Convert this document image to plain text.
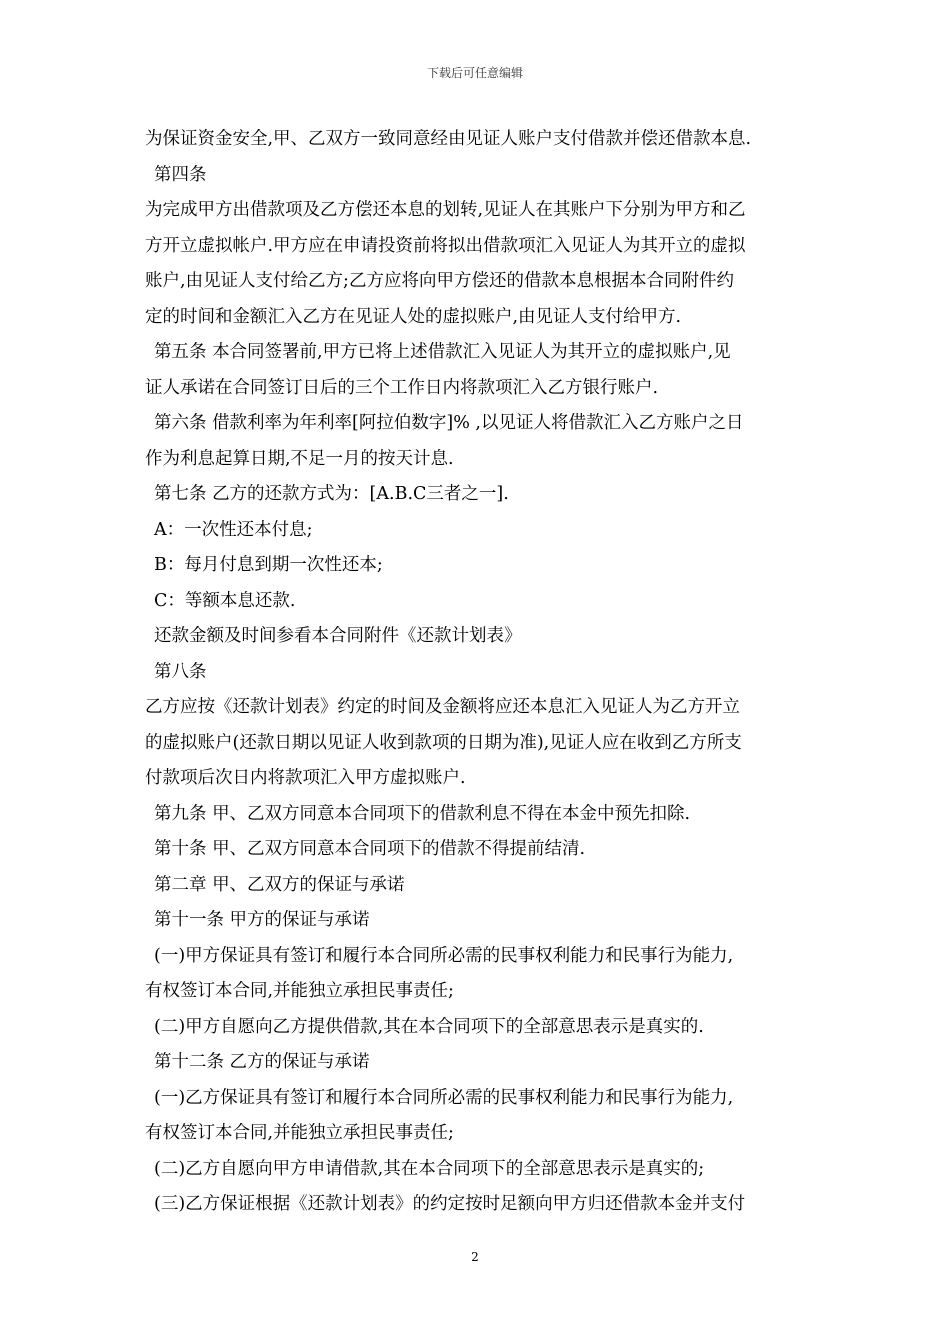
下载后可任意编辑
为保证资金安全,甲、乙双方一致同意经由见证人账户支付借款并偿还借款本息.
第四条
为完成甲方出借款项及乙方偿还本息的划转,见证人在其账户下分别为甲方和乙
方开立虚拟帐户.甲方应在申请投资前将拟出借款项汇入见证人为其开立的虚拟
账户,由见证人支付给乙方;乙方应将向甲方偿还的借款本息根据本合同附件约
定的时间和金额汇入乙方在见证人处的虚拟账户,由见证人支付给甲方.
第五条 本合同签署前,甲方已将上述借款汇入见证人为其开立的虚拟账户,见
证人承诺在合同签订日后的三个工作日内将款项汇入乙方银行账户.
第六条 借款利率为年利率[阿拉伯数字]% ,以见证人将借款汇入乙方账户之日
作为利息起算日期,不足一月的按天计息.
第七条 乙方的还款方式为：[A.B.C三者之一].
A：一次性还本付息;
B：每月付息到期一次性还本;
C：等额本息还款.
还款金额及时间参看本合同附件《还款计划表》
第八条
乙方应按《还款计划表》约定的时间及金额将应还本息汇入见证人为乙方开立
的虚拟账户(还款日期以见证人收到款项的日期为准),见证人应在收到乙方所支
付款项后次日内将款项汇入甲方虚拟账户.
第九条 甲、乙双方同意本合同项下的借款利息不得在本金中预先扣除.
第十条 甲、乙双方同意本合同项下的借款不得提前结清.
第二章 甲、乙双方的保证与承诺
第十一条 甲方的保证与承诺
(一)甲方保证具有签订和履行本合同所必需的民事权利能力和民事行为能力,
有权签订本合同,并能独立承担民事责任;
(二)甲方自愿向乙方提供借款,其在本合同项下的全部意思表示是真实的.
第十二条 乙方的保证与承诺
(一)乙方保证具有签订和履行本合同所必需的民事权利能力和民事行为能力,
有权签订本合同,并能独立承担民事责任;
(二)乙方自愿向甲方申请借款,其在本合同项下的全部意思表示是真实的;
(三)乙方保证根据《还款计划表》的约定按时足额向甲方归还借款本金并支付
2
